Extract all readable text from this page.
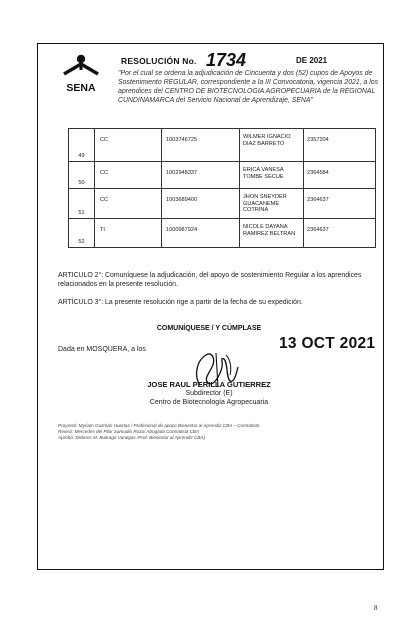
SENA
RESOLUCIÓN No. 1734	DE 2021
"Por el cual se ordena la adjudicación de Cincuenta y dos (52) cupos de Apoyos de Sostenimiento REGULAR, correspondiente a la III Convocatoria, vigencia 2021, a los aprendices del CENTRO DE BIOTECNOLOGIA AGROPECUARIA de la REGIONAL CUNDINAMARCA del Servicio Nacional de Aprendizaje, SENA"
49	CC	1003746725	WILMER IGNACIO DIAZ BARRETO	2357204
50	CC	1002948337	ERICA VANESA TOMBE SECUE	2364584
51	CC	1003689400	JHON SNEYDER GUACANEME COTRINA	2364637
52	TI	1000987924	NICOLE DAYANA RAMIREZ BELTRAN	2364637
ARTICULO 2°: Comuníquese la adjudicación, del apoyo de sostenimiento Regular a los aprendices relacionados en la presente resolución.
ARTÍCULO 3°: La presente resolución rige a partir de la fecha de su expedición.
COMUNÍQUESE / Y CÚMPLASE
Dada en MOSQUERA, a los	13 OCT 2021
JOSE RAUL PERILLA GUTIERREZ
Subdirector (E)
Centro de Biotecnología Agropecuaria
Proyectó: Myriam Guzmán Huertas / Profesional de apoyo Bienestar al Aprendiz CBA – Contratista
Revisó: Mercedes del Pilar Samudio Rozo/ Abogada Contratista CBA
Aprobó: Dickens M. Buitrago Vanegas /Prof. Bienestar al Aprendiz CBA)
8
